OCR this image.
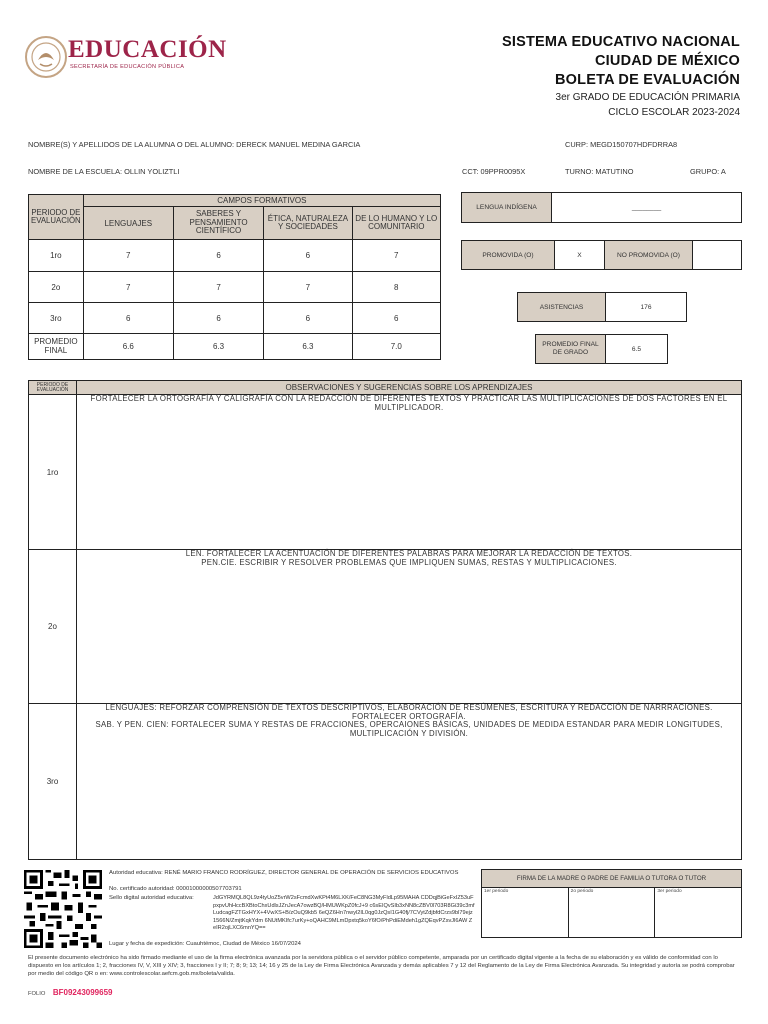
EDUCACIÓN
SECRETARÍA DE EDUCACIÓN PÚBLICA
SISTEMA EDUCATIVO NACIONAL
CIUDAD DE MÉXICO
BOLETA DE EVALUACIÓN
3er GRADO DE EDUCACIÓN PRIMARIA
CICLO ESCOLAR 2023-2024
NOMBRE(S) Y APELLIDOS DE LA ALUMNA O DEL ALUMNO: DERECK MANUEL MEDINA GARCIA	CURP: MEGD150707HDFDRRA8
NOMBRE DE LA ESCUELA: OLLIN YOLIZTLI	CCT: 09PPR0095X	TURNO: MATUTINO	GRUPO: A
PERIODO DE EVALUACIÓN	CAMPOS FORMATIVOS			
	LENGUAJES	SABERES Y PENSAMIENTO CIENTÍFICO	ÉTICA, NATURALEZA Y SOCIEDADES	DE LO HUMANO Y LO COMUNITARIO
1ro	7	6	6	7
2o	7	7	7	8
3ro	6	6	6	6
PROMEDIO FINAL	6.6	6.3	6.3	7.0
LENGUA INDÍGENA	________
PROMOVIDA (O)	X	NO PROMOVIDA (O)
ASISTENCIAS	176
PROMEDIO FINAL DE GRADO	6.5
PERIODO DE EVALUACIÓN	OBSERVACIONES Y SUGERENCIAS SOBRE LOS APRENDIZAJES
1ro	FORTALECER LA ORTOGRAFÍA Y CALIGRAFÍA CON LA REDACCIÓN DE DIFERENTES TEXTOS Y PRACTICAR LAS MULTIPLICACIONES DE DOS FACTORES EN EL MULTIPLICADOR.
2o	LEN. FORTALECER LA ACENTUACIÓN DE DIFERENTES PALABRAS PARA MEJORAR LA REDACCIÓN DE TEXTOS.
PEN.CIE. ESCRIBIR Y RESOLVER PROBLEMAS QUE IMPLIQUEN SUMAS, RESTAS Y MULTIPLICACIONES.
3ro	LENGUAJES: REFORZAR COMPRENSIÓN DE TEXTOS DESCRIPTIVOS, ELABORACIÓN DE RESÚMENES, ESCRITURA Y REDACCIÓN DE NARRRACIONES. FORTALECER ORTOGRAFÍA.
SAB. Y PEN. CIEN: FORTALECER SUMA Y RESTAS DE FRACCIONES, OPERCAIONES BÁSICAS, UNIDADES DE MEDIDA ESTANDAR PARA MEDIR LONGITUDES, MULTIPLICACIÓN Y DIVISIÓN.
Autoridad educativa: RENÉ MARIO FRANCO RODRÍGUEZ, DIRECTOR GENERAL DE OPERACIÓN DE SERVICIOS EDUCATIVOS
No. certificado autoridad: 00001000000507703791
Sello digital autoridad educativa:	JdGYRMQL8QL9z4tyUoZ5vrW2sFcmdXwKPt4M6LXK/FeC8NG3MyFldLp95MAHA CDDqjBiGeFxIZ53uFpxpvUhHccBXBtoChxUdlsJZnJecA7owzBQ/HMUWKpZ0fcJ+9 c6sEIQvSIb3xNN8cZBV0l703R8Gi39c3mfLudcagFZTGxHYX+4VwXS+B/zOuQ9kb5 6eQZ6Hn7nwyl2IL0qg0JzQsI1G40fj/7CVytZdjbfdCrzs9bl79ejz1566N/ZmjtKqkYdm 6NUtMKIfc7urKy+oQAHC9MLmDpxtq5koY6fO/PhPdiEMdeh1gZQEqvPZsvJl6AW ZeIR2ojLXC6mnYQ==
Lugar y fecha de expedición: Cuauhtémoc, Ciudad de México 16/07/2024
FIRMA DE LA MADRE O PADRE DE FAMILIA O TUTORA O TUTOR
1er periodo	2o periodo	3er periodo
El presente documento electrónico ha sido firmado mediante el uso de la firma electrónica avanzada por la servidora pública o el servidor público competente, amparada por un certificado digital vigente a la fecha de su elaboración y es válido de conformidad con lo dispuesto en los artículos 1; 2, fracciones IV, V, XIII y XIV; 3, fracciones I y II; 7; 8; 9; 13; 14; 16 y 25 de la Ley de Firma Electrónica Avanzada y demás aplicables 7 y 12 del Reglamento de la Ley de Firma Electrónica Avanzada. Su integridad y autoría se podrá comprobar por medio del código QR o en: www.controlescolar.aefcm.gob.mx/boleta/valida.
FOLIO BF09243099659
